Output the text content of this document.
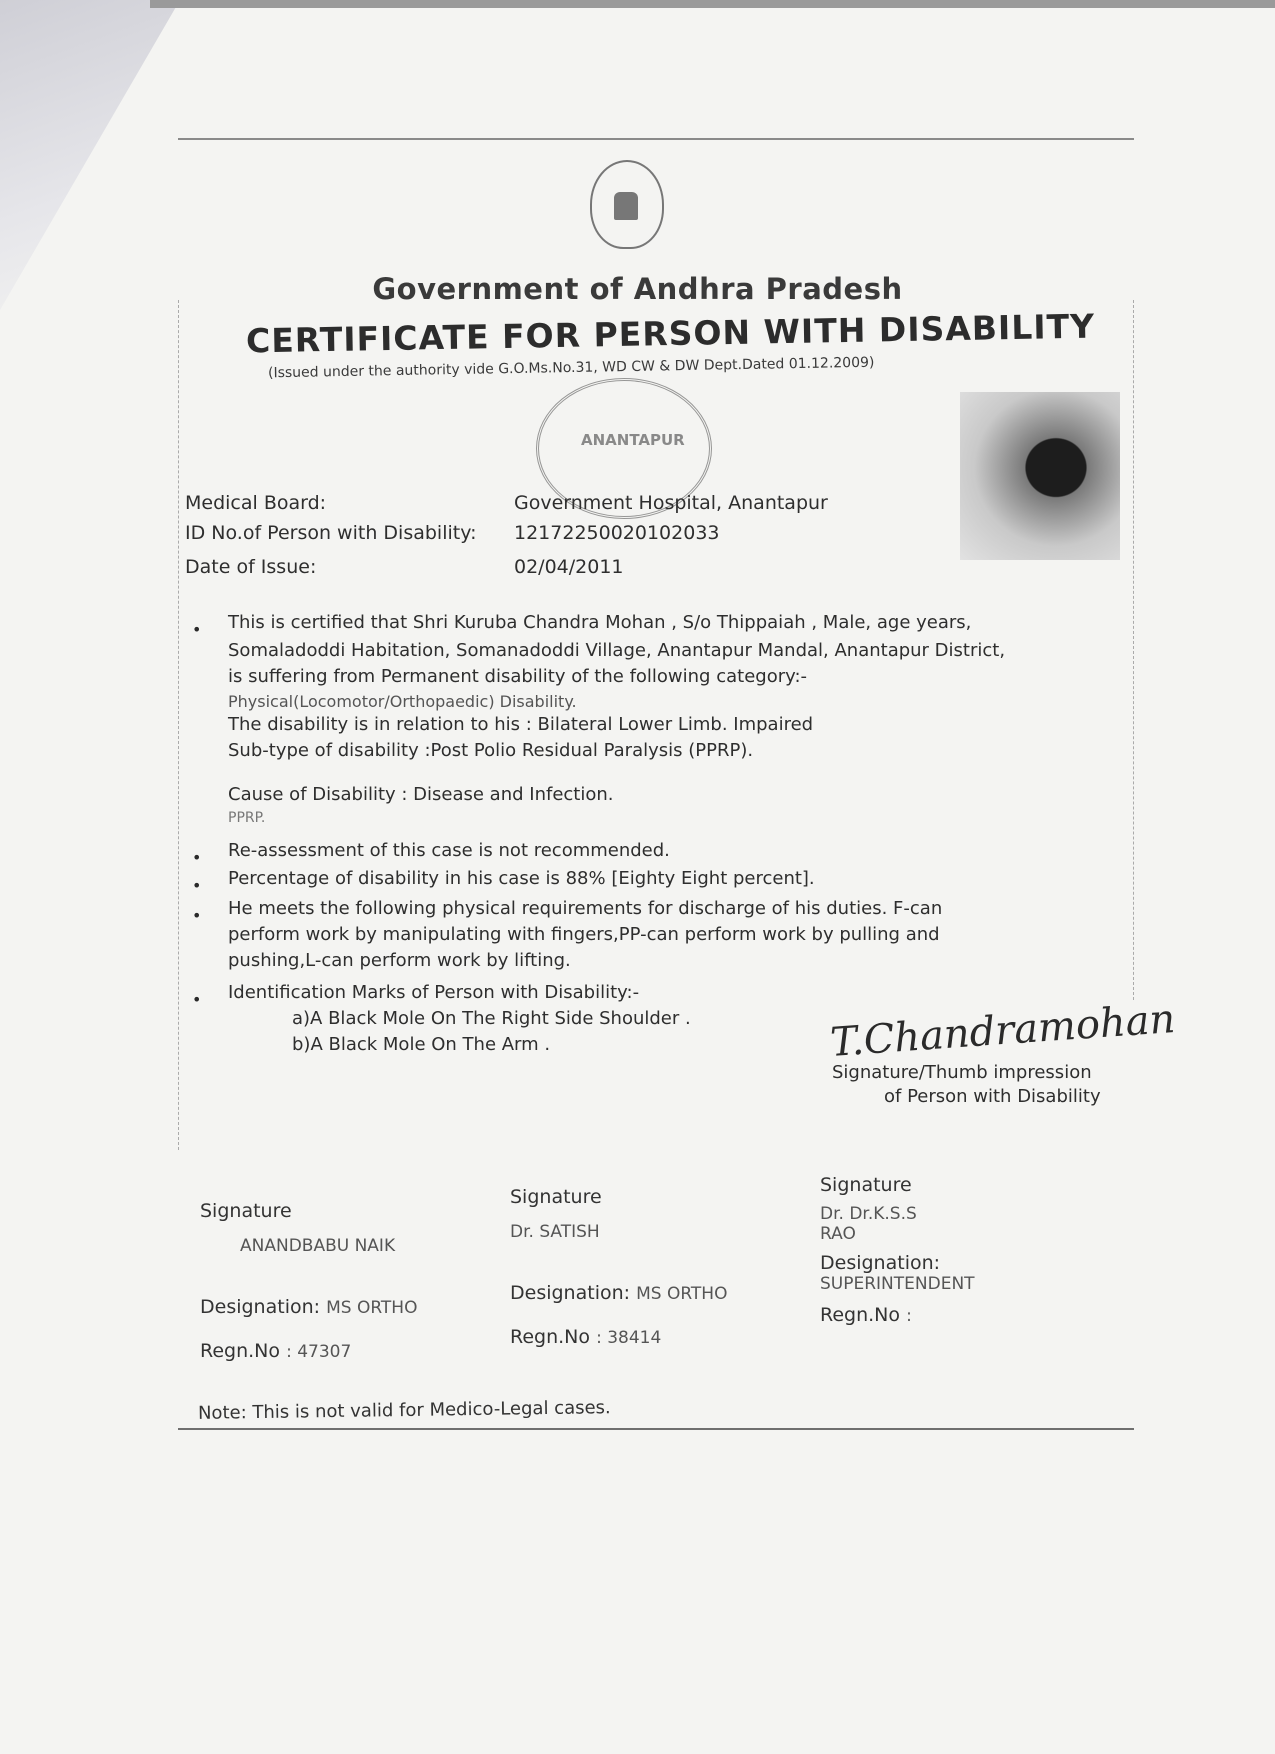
Government of Andhra Pradesh
CERTIFICATE FOR PERSON WITH DISABILITY
(Issued under the authority vide G.O.Ms.No.31, WD CW & DW Dept.Dated 01.12.2009)
ANANTAPUR
Medical Board:	Government Hospital, Anantapur
ID No.of Person with Disability: 12172250020102033
Date of Issue:	02/04/2011
• This is certified that Shri Kuruba Chandra Mohan , S/o Thippaiah , Male, age years,
Somaladoddi Habitation, Somanadoddi Village, Anantapur Mandal, Anantapur District,
is suffering from Permanent disability of the following category:-
Physical(Locomotor/Orthopaedic) Disability.
The disability is in relation to his : Bilateral Lower Limb. Impaired
Sub-type of disability :Post Polio Residual Paralysis (PPRP).
Cause of Disability : Disease and Infection.
PPRP.
• Re-assessment of this case is not recommended.
• Percentage of disability in his case is 88% [Eighty Eight percent].
• He meets the following physical requirements for discharge of his duties. F-can
perform work by manipulating with fingers,PP-can perform work by pulling and
pushing,L-can perform work by lifting.
• Identification Marks of Person with Disability:-
a)A Black Mole On The Right Side Shoulder .
b)A Black Mole On The Arm .	T.Chandramohan
Signature/Thumb impression
of Person with Disability
Signature
ANANDBABU NAIK
Designation: MS ORTHO
Regn.No : 47307
Signature
Dr. SATISH
Designation: MS ORTHO
Regn.No : 38414
Signature
Dr. Dr.K.S.S
RAO
Designation:
SUPERINTENDENT
Regn.No :
Note: This is not valid for Medico-Legal cases.
